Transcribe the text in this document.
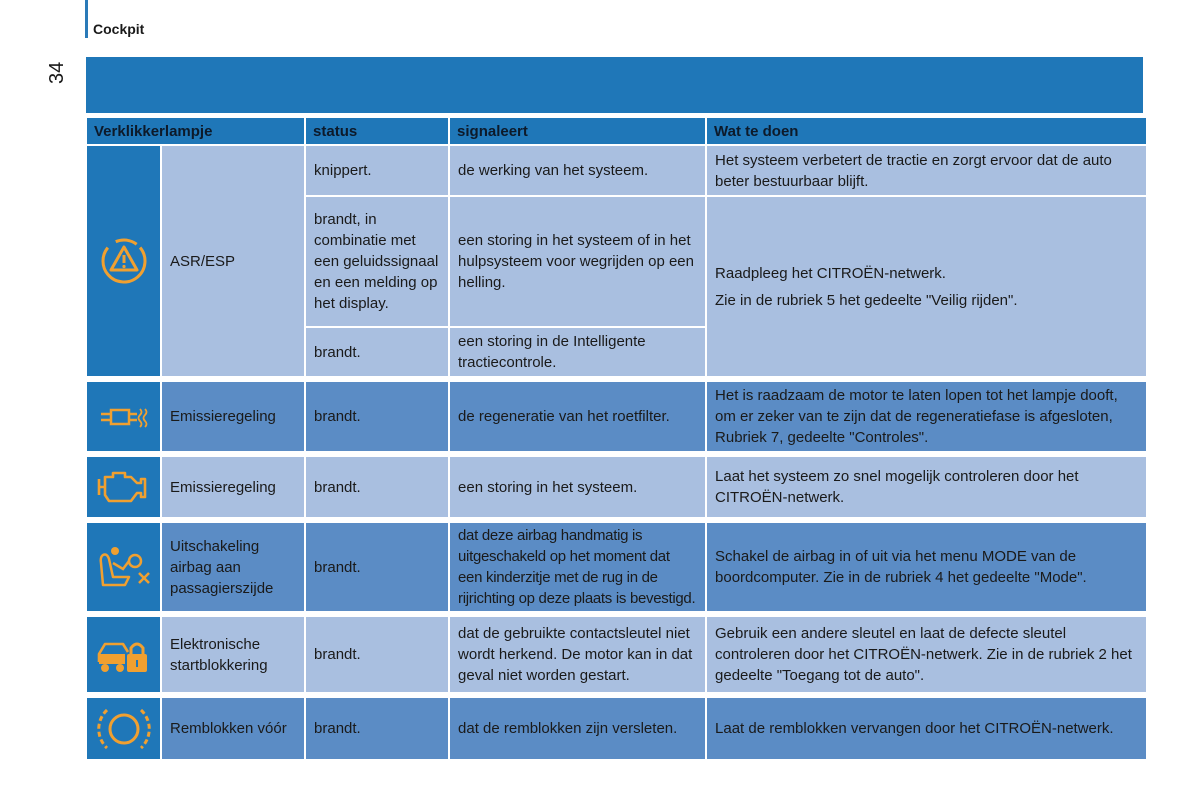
Cockpit
34
Verklikkerlampje		status	signaleert	Wat te doen

	ASR/ESP	knippert.	de werking van het systeem.	Het systeem verbetert de tractie en zorgt ervoor dat de auto beter bestuurbaar blijft.
		brandt, in combinatie met een geluidssignaal en een melding op het display.	een storing in het systeem of in het hulpsysteem voor wegrijden op een helling.	Raadpleeg het CITROËN-netwerk.

Zie in de rubriek 5 het gedeelte "Veilig rijden".

		brandt.	een storing in de Intelligente tractiecontrole.	

	Emissieregeling	brandt.	de regeneratie van het roetfilter.	Het is raadzaam de motor te laten lopen tot het lampje dooft, om er zeker van te zijn dat de regeneratiefase is afgesloten, Rubriek 7, gedeelte "Controles".

	Emissieregeling	brandt.	een storing in het systeem.	Laat het systeem zo snel mogelijk controleren door het CITROËN-netwerk.

	Uitschakeling airbag aan passagierszijde	brandt.	dat deze airbag handmatig is uitgeschakeld op het moment dat een kinderzitje met de rug in de rijrichting op deze plaats is bevestigd.	Schakel de airbag in of uit via het menu MODE van de boordcomputer. Zie in de rubriek 4 het gedeelte "Mode".

	Elektronische startblokkering	brandt.	dat de gebruikte contactsleutel niet wordt herkend. De motor kan in dat geval niet worden gestart.	Gebruik een andere sleutel en laat de defecte sleutel controleren door het CITROËN-netwerk. Zie in de rubriek 2 het gedeelte "Toegang tot de auto".

	Remblokken vóór	brandt.	dat de remblokken zijn versleten.	Laat de remblokken vervangen door het CITROËN-netwerk.
